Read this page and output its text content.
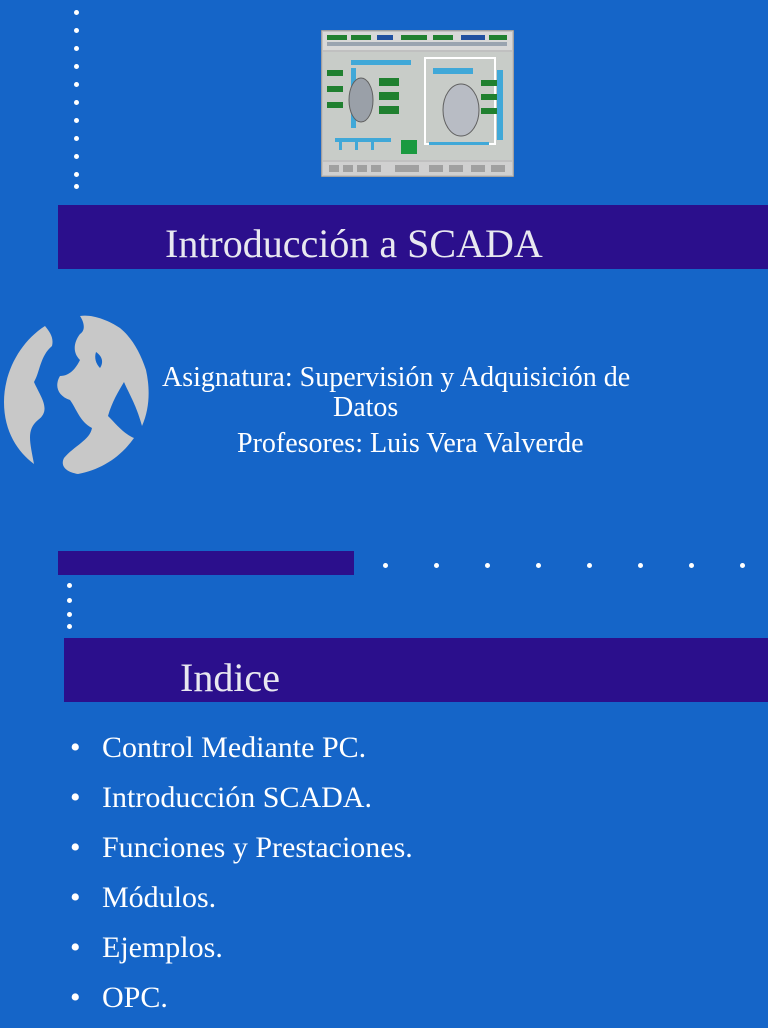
Introducción a SCADA
Asignatura: Supervisión y Adquisición de
Datos
Profesores: Luis Vera Valverde
Indice
• Control Mediante PC.
• Introducción SCADA.
• Funciones y Prestaciones.
• Módulos.
• Ejemplos.
• OPC.
